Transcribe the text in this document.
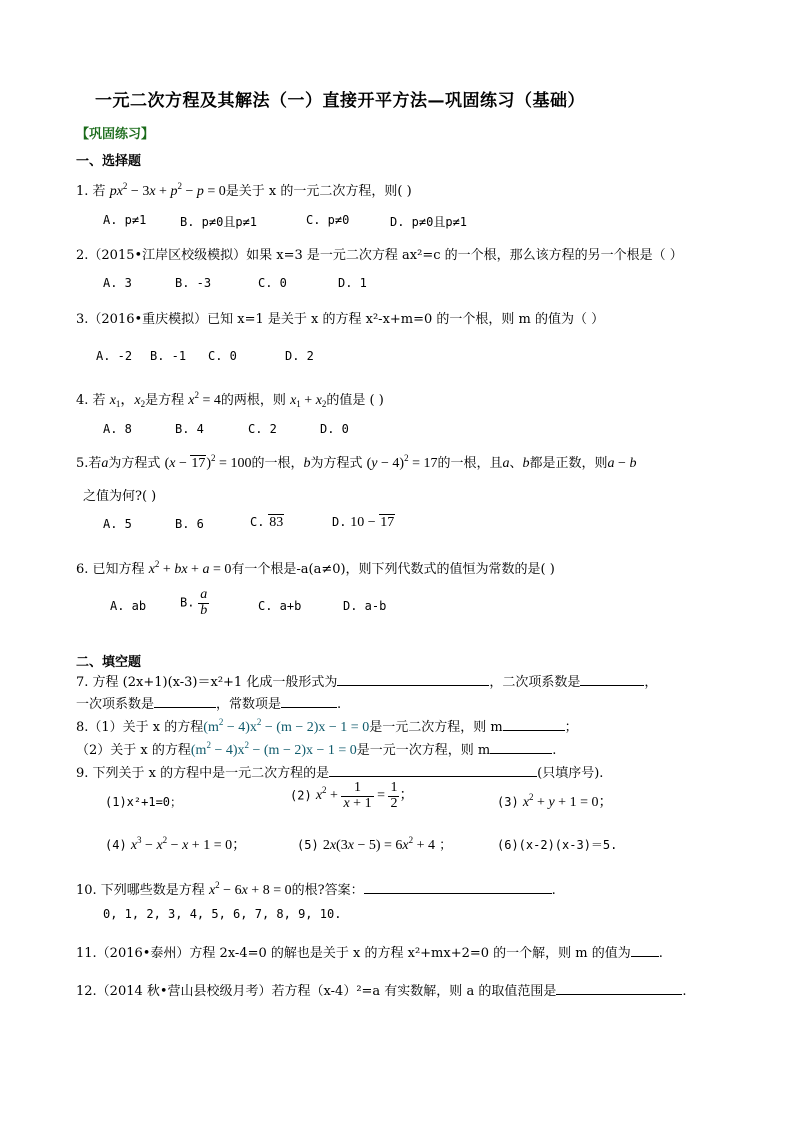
一元二次方程及其解法（一）直接开平方法—巩固练习（基础）
【巩固练习】
一、选择题
1. 若 $px^2 - 3x + p^2 - p = 0$是关于 x 的一元二次方程，则( )
A. p≠1	B. p≠0且p≠1	C. p≠0	D. p≠0且p≠1
2.（2015•江岸区校级模拟）如果 x=3 是一元二次方程 ax²=c 的一个根，那么该方程的另一个根是（ ）
A. 3	B. -3	C. 0	D. 1
3.（2016•重庆模拟）已知 x=1 是关于 x 的方程 x²-x+m=0 的一个根，则 m 的值为（ ）
A. -2 B. -1 C. 0	D. 2
4. 若 $x_1$，$x_2$是方程 $x^2 = 4$的两根，则 $x_1 + x_2$的值是 ( )
A. 8	B. 4	C. 2	D. 0
5.若a为方程式 $(x - 17)^2 = 100$的一根，b为方程式 $(y - 4)^2 = 17$的一根，且a、b都是正数，则a − b
之值为何?( )
A. 5	B. 6	C. 83	D. 10 − 17
6. 已知方程 $x^2$ + bx + a = 0有一个根是-a(a≠0)，则下列代数式的值恒为常数的是( )
A. ab	B. $\frac{a}{b}$	C. a+b	D. a-b
二、填空题
7. 方程 (2x+1)(x-3)＝x²+1 化成一般形式为	，二次项系数是	，
一次项系数是	，常数项是	.
8.（1）关于 x 的方程$(m^2 - 4)x^2 - (m - 2)x - 1 = 0$是一元二次方程，则 m	；
（2）关于 x 的方程$(m^2 - 4)x^2 - (m - 2)x - 1 = 0$是一元一次方程，则 m	.
9. 下列关于 x 的方程中是一元二次方程的是	(只填序号).
(1)x²+1=0；	(2) $x^2 + \frac{1}{x + 1} = \frac{1}{2}$ ；	(3) $x^2 + y + 1 = 0$；
(4) $x^3 - x^2 - x + 1 = 0$；	(5) $2x(3x - 5) = 6x^2 + 4$ ；	(6)(x-2)(x-3)＝5.
10. 下列哪些数是方程 $x^2 - 6x + 8 = 0$的根?答案：	.
0, 1, 2, 3, 4, 5, 6, 7, 8, 9, 10.
11.（2016•泰州）方程 2x-4=0 的解也是关于 x 的方程 x²+mx+2=0 的一个解，则 m 的值为 .
12.（2014 秋•营山县校级月考）若方程（x-4）²=a 有实数解，则 a 的取值范围是	.
